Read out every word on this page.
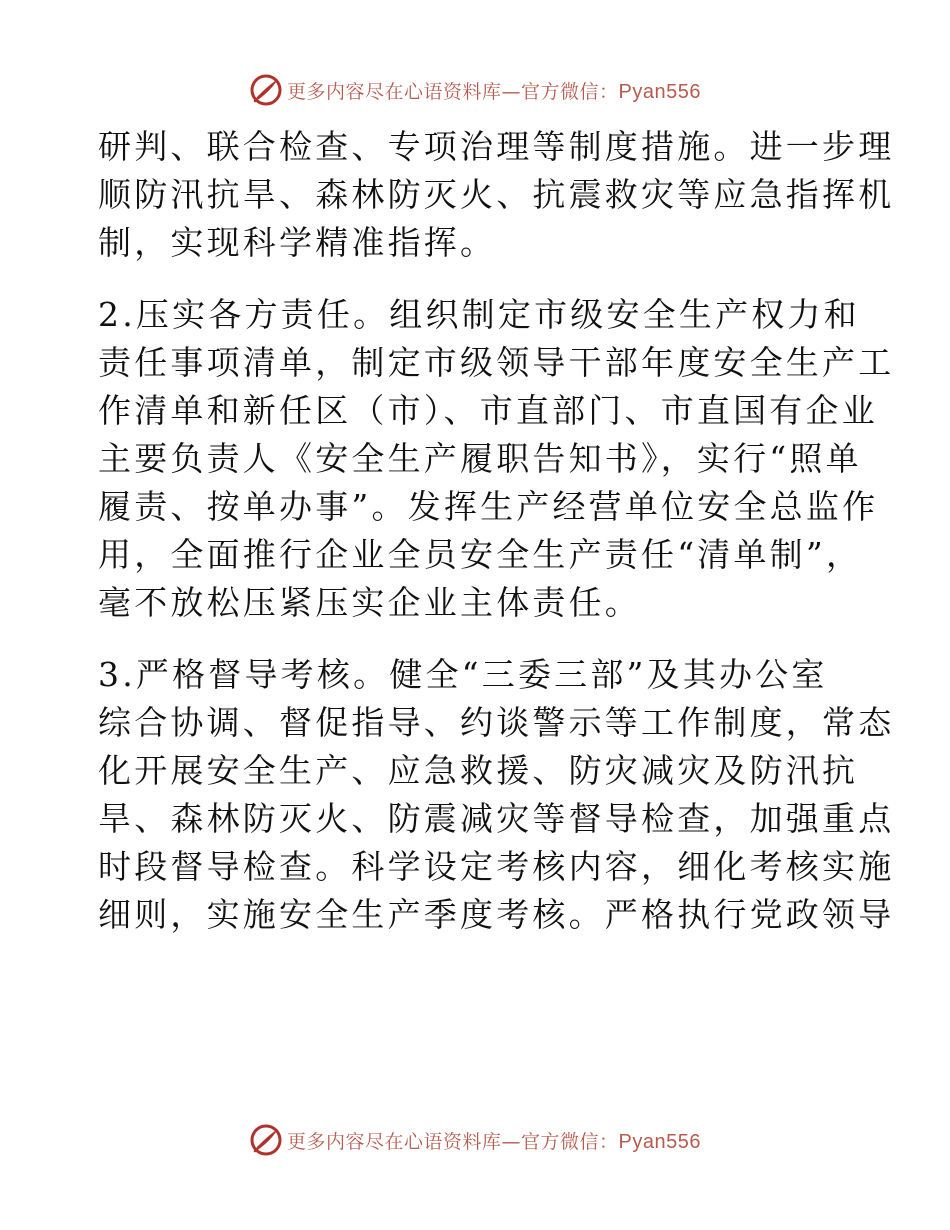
更多内容尽在心语资料库—官方微信：Pyan556
研判、联合检查、专项治理等制度措施。进一步理
顺防汛抗旱、森林防灭火、抗震救灾等应急指挥机
制，实现科学精准指挥。
2.压实各方责任。组织制定市级安全生产权力和
责任事项清单，制定市级领导干部年度安全生产工
作清单和新任区（市）、市直部门、市直国有企业
主要负责人《安全生产履职告知书》，实行“照单
履责、按单办事”。发挥生产经营单位安全总监作
用，全面推行企业全员安全生产责任“清单制”，
毫不放松压紧压实企业主体责任。
3.严格督导考核。健全“三委三部”及其办公室
综合协调、督促指导、约谈警示等工作制度，常态
化开展安全生产、应急救援、防灾减灾及防汛抗
旱、森林防灭火、防震减灾等督导检查，加强重点
时段督导检查。科学设定考核内容，细化考核实施
细则，实施安全生产季度考核。严格执行党政领导
更多内容尽在心语资料库—官方微信：Pyan556
